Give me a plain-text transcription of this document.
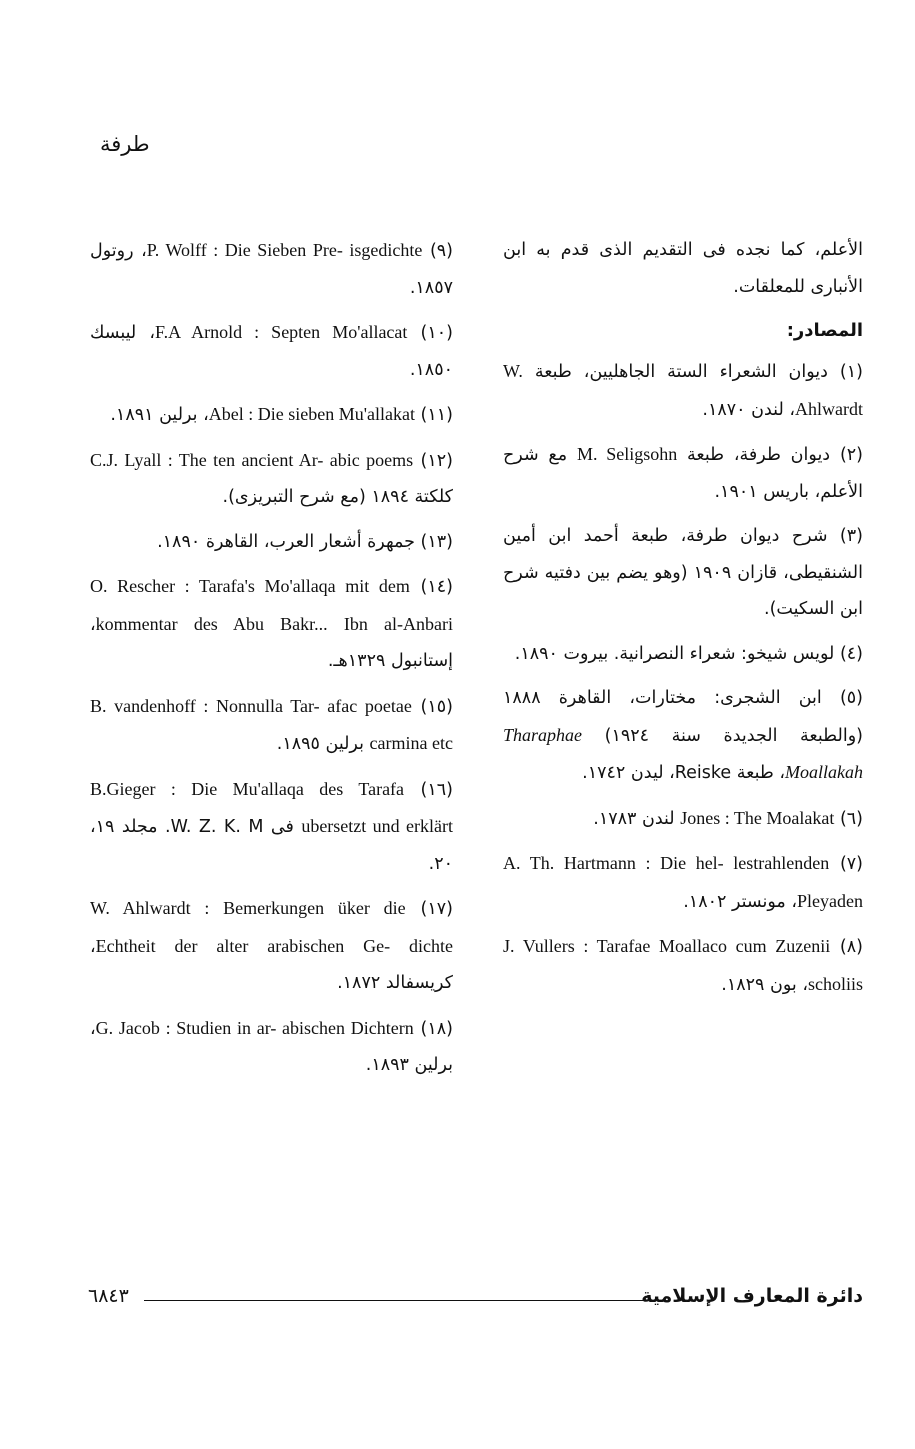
طرفة

الأعلم، كما نجده فى التقديم الذى قدم به ابن الأنبارى للمعلقات.

المصادر:

(١) ديوان الشعراء الستة الجاهليين، طبعة W. Ahlwardt، لندن ١٨٧٠.

(٢) ديوان طرفة، طبعة M. Seligsohn مع شرح الأعلم، باريس ١٩٠١.

(٣) شرح ديوان طرفة، طبعة أحمد ابن أمين الشنقيطى، قازان ١٩٠٩ (وهو يضم بين دفتيه شرح ابن السكيت).

(٤) لويس شيخو: شعراء النصرانية. بيروت ١٨٩٠.

(٥) ابن الشجرى: مختارات، القاهرة ١٨٨٨ (والطبعة الجديدة سنة ١٩٢٤) Tharaphae Moallakah، طبعة Reiske، ليدن ١٧٤٢.

(٦) Jones : The Moalakat لندن ١٧٨٣.

(٧) A. Th. Hartmann : Die hel- lestrahlenden Pleyaden، مونستر ١٨٠٢.

(٨) J. Vullers : Tarafae Moallaco cum Zuzenii scholiis، بون ١٨٢٩.

(٩) P. Wolff : Die Sieben Pre- isgedichte، روتول ١٨٥٧.

(١٠) F.A Arnold : Septen Mo'allacat، ليبسك ١٨٥٠.

(١١) Abel : Die sieben Mu'allakat، برلين ١٨٩١.

(١٢) C.J. Lyall : The ten ancient Ar- abic poems كلكتة ١٨٩٤ (مع شرح التبريزى).

(١٣) جمهرة أشعار العرب، القاهرة ١٨٩٠.

(١٤) O. Rescher : Tarafa's Mo'allaqa mit dem kommentar des Abu Bakr... Ibn al-Anbari، إستانبول ١٣٢٩هـ.

(١٥) B. vandenhoff : Nonnulla Tar- afac poetae carmina etc برلين ١٨٩٥.

(١٦) B.Gieger : Die Mu'allaqa des Tarafa ubersetzt und erklärt فى W. Z. K. M. مجلد ١٩، ٢٠.

(١٧) W. Ahlwardt : Bemerkungen üker die Echtheit der alter arabischen Ge- dichte، كريسفالد ١٨٧٢.

(١٨) G. Jacob : Studien in ar- abischen Dichtern، برلين ١٨٩٣.

٦٨٤٣	دائرة المعارف الإسلامية
